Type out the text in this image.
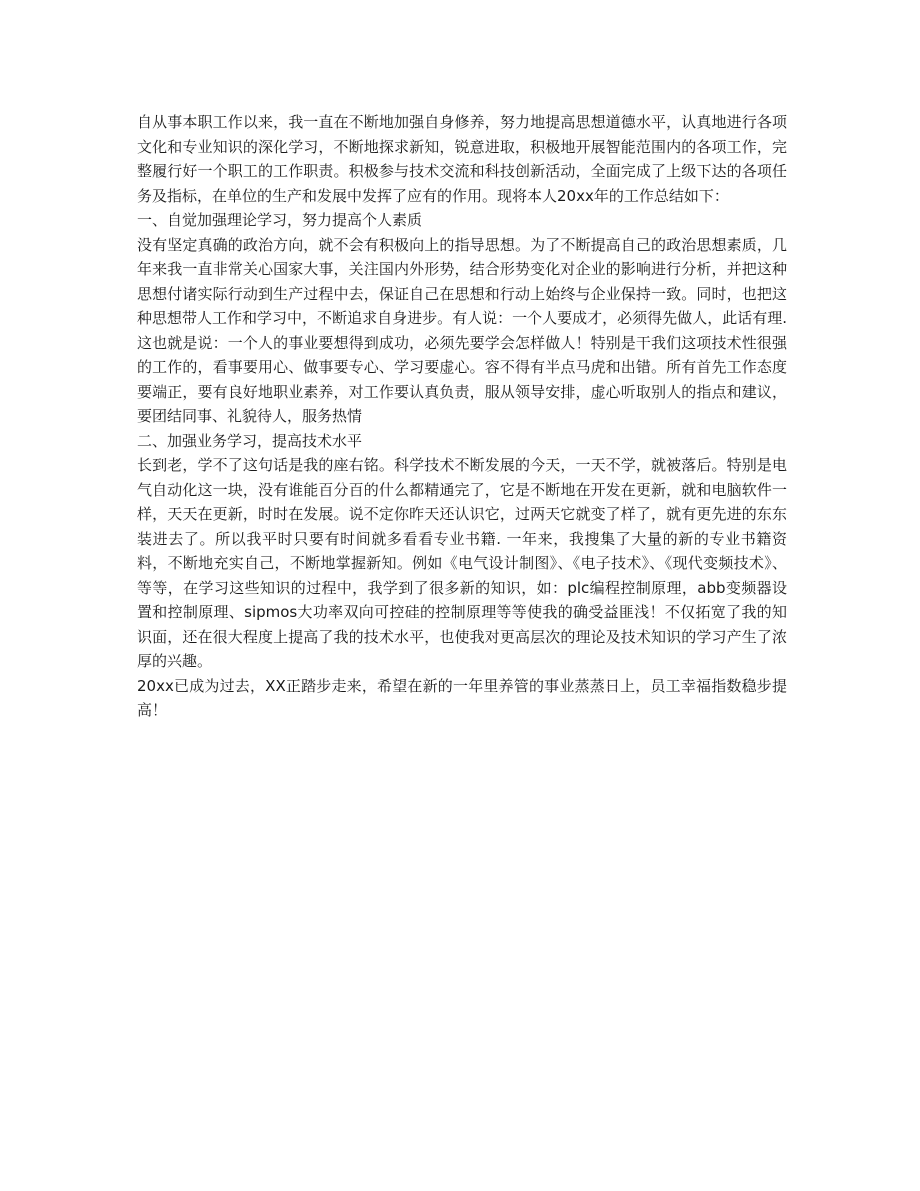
自从事本职工作以来，我一直在不断地加强自身修养，努力地提高思想道德水平，认真地进行各项文化和专业知识的深化学习，不断地探求新知，锐意进取，积极地开展智能范围内的各项工作，完整履行好一个职工的工作职责。积极参与技术交流和科技创新活动，全面完成了上级下达的各项任务及指标，在单位的生产和发展中发挥了应有的作用。现将本人20xx年的工作总结如下：

一、自觉加强理论学习，努力提高个人素质

没有坚定真确的政治方向，就不会有积极向上的指导思想。为了不断提高自己的政治思想素质，几年来我一直非常关心国家大事，关注国内外形势，结合形势变化对企业的影响进行分析，并把这种思想付诸实际行动到生产过程中去，保证自己在思想和行动上始终与企业保持一致。同时，也把这种思想带人工作和学习中，不断追求自身进步。有人说：一个人要成才，必须得先做人，此话有理. 这也就是说：一个人的事业要想得到成功，必须先要学会怎样做人！特别是干我们这项技术性很强的工作的，看事要用心、做事要专心、学习要虚心。容不得有半点马虎和出错。所有首先工作态度要端正，要有良好地职业素养，对工作要认真负责，服从领导安排，虚心听取别人的指点和建议，要团结同事、礼貌待人，服务热情

二、加强业务学习，提高技术水平

长到老，学不了这句话是我的座右铭。科学技术不断发展的今天，一天不学，就被落后。特别是电气自动化这一块，没有谁能百分百的什么都精通完了，它是不断地在开发在更新，就和电脑软件一样，天天在更新，时时在发展。说不定你昨天还认识它，过两天它就变了样了，就有更先进的东东装进去了。所以我平时只要有时间就多看看专业书籍. 一年来，我搜集了大量的新的专业书籍资料，不断地充实自己，不断地掌握新知。例如《电气设计制图》、《电子技术》、《现代变频技术》、等等，在学习这些知识的过程中，我学到了很多新的知识，如：plc编程控制原理，abb变频器设置和控制原理、sipmos大功率双向可控硅的控制原理等等使我的确受益匪浅！不仅拓宽了我的知识面，还在很大程度上提高了我的技术水平，也使我对更高层次的理论及技术知识的学习产生了浓厚的兴趣。

20xx已成为过去，XX正踏步走来，希望在新的一年里养管的事业蒸蒸日上，员工幸福指数稳步提高！
